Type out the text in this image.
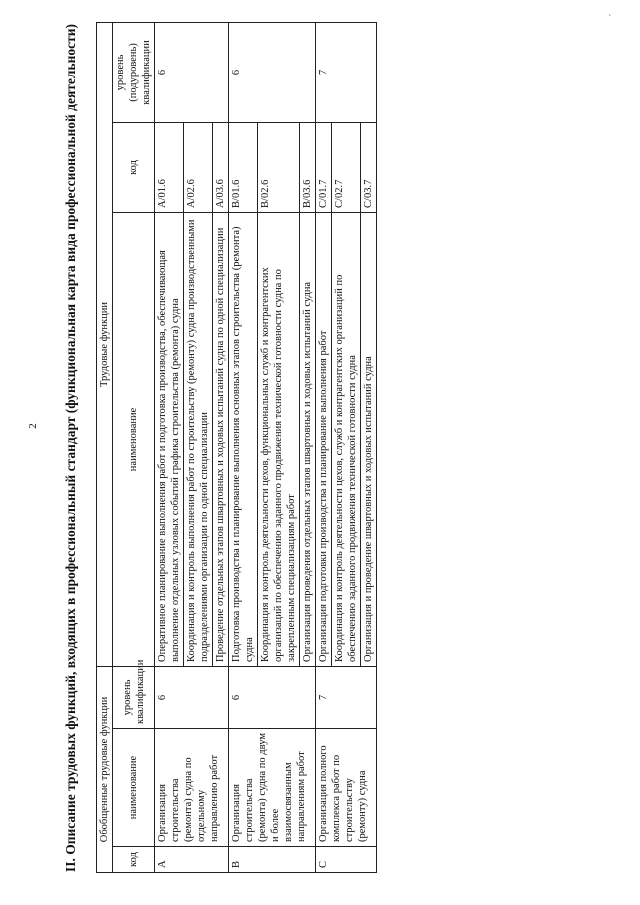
2
`
II. Описание трудовых функций, входящих в профессиональный стандарт (функциональная карта вида профессиональной деятельности) Обобщенные трудовые функции			Трудовые функции		
код	наименование	уровень квалификации	наименование	код	уровень (подуровень) квалификации
A	Организация строительства (ремонта) судна по отдельному направлению работ	6	Оперативное планирование выполнения работ и подготовка производства, обеспечивающая выполнение отдельных узловых событий графика строительства (ремонта) судна	A/01.6	6
			Координация и контроль выполнения работ по строительству (ремонту) судна производственными подразделениями организации по одной специализации	A/02.6	
			Проведение отдельных этапов швартовных и ходовых испытаний судна по одной специализации	A/03.6	
B	Организация строительства (ремонта) судна по двум и более взаимосвязанным направлениям работ	6	Подготовка производства и планирование выполнения основных этапов строительства (ремонта) судна	B/01.6	6
			Координация и контроль деятельности цехов, функциональных служб и контрагентских организаций по обеспечению заданного продвижения технической готовности судна по закрепленным специализациям работ	B/02.6	
			Организация проведения отдельных этапов швартовных и ходовых испытаний судна	B/03.6	
C	Организация полного комплекса работ по строительству (ремонту) судна	7	Организация подготовки производства и планирование выполнения работ	C/01.7	7
			Координация и контроль деятельности цехов, служб и контрагентских организаций по обеспечению заданного продвижения технической готовности судна	C/02.7	
			Организация и проведение швартовных и ходовых испытаний судна	C/03.7	
